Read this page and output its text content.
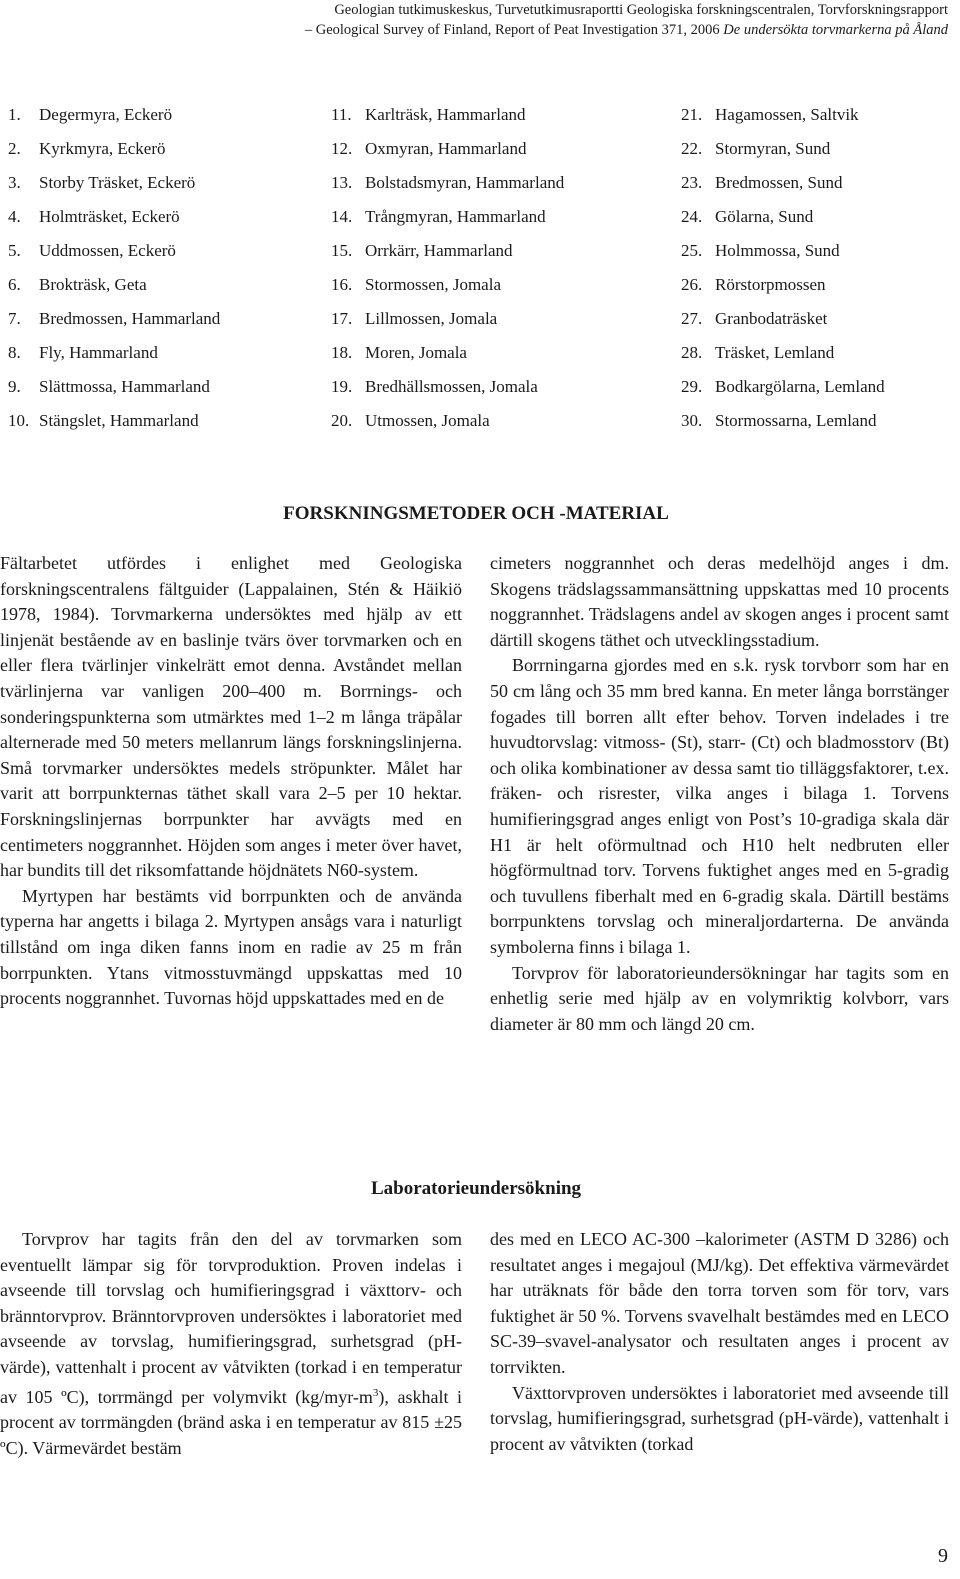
Geologian tutkimuskeskus, Turvetutkimusraportti Geologiska forskningscentralen, Torvforskningsrapport
– Geological Survey of Finland, Report of Peat Investigation 371, 2006 De undersökta torvmarkerna på Åland
1. Degermyra, Eckerö
2. Kyrkmyra, Eckerö
3. Storby Träsket, Eckerö
4. Holmträsket, Eckerö
5. Uddmossen, Eckerö
6. Brokträsk, Geta
7. Bredmossen, Hammarland
8. Fly, Hammarland
9. Slättmossa, Hammarland
10. Stängslet, Hammarland
11. Karlträsk, Hammarland
12. Oxmyran, Hammarland
13. Bolstadsmyran, Hammarland
14. Trångmyran, Hammarland
15. Orrkärr, Hammarland
16. Stormossen, Jomala
17. Lillmossen, Jomala
18. Moren, Jomala
19. Bredhällsmossen, Jomala
20. Utmossen, Jomala
21. Hagamossen, Saltvik
22. Stormyran, Sund
23. Bredmossen, Sund
24. Gölarna, Sund
25. Holmmossa, Sund
26. Rörstorpmossen
27. Granbodaträsket
28. Träsket, Lemland
29. Bodkargölarna, Lemland
30. Stormossarna, Lemland
FORSKNINGSMETODER OCH -MATERIAL

Fältarbetet utfördes i enlighet med Geologiska forskningscentralens fältguider (Lappalainen, Stén & Häikiö 1978, 1984). Torvmarkerna undersöktes med hjälp av ett linjenät bestående av en baslinje tvärs över torvmarken och en eller flera tvärlinjer vinkelrätt emot denna. Avståndet mellan tvärlinjerna var vanligen 200–400 m. Borrnings- och sonderingspunkterna som utmärktes med 1–2 m långa träpålar alternerade med 50 meters mellanrum längs forskningslinjerna. Små torvmarker undersöktes medels ströpunkter. Målet har varit att borrpunkternas täthet skall vara 2–5 per 10 hektar. Forskningslinjernas borrpunkter har avvägts med en centimeters noggrannhet. Höjden som anges i meter över havet, har bundits till det riksomfattande höjdnätets N60-system.

Myrtypen har bestämts vid borrpunkten och de använda typerna har angetts i bilaga 2. Myrtypen ansågs vara i naturligt tillstånd om inga diken fanns inom en radie av 25 m från borrpunkten. Ytans vitmosstuvmängd uppskattas med 10 procents noggrannhet. Tuvornas höjd uppskattades med en de

cimeters noggrannhet och deras medelhöjd anges i dm. Skogens trädslagssammansättning uppskattas med 10 procents noggrannhet. Trädslagens andel av skogen anges i procent samt därtill skogens täthet och utvecklingsstadium.

Borrningarna gjordes med en s.k. rysk torvborr som har en 50 cm lång och 35 mm bred kanna. En meter långa borrstänger fogades till borren allt efter behov. Torven indelades i tre huvudtorvslag: vitmoss- (St), starr- (Ct) och bladmosstorv (Bt) och olika kombinationer av dessa samt tio tilläggsfaktorer, t.ex. fräken- och risrester, vilka anges i bilaga 1. Torvens humifieringsgrad anges enligt von Post’s 10-gradiga skala där H1 är helt oförmultnad och H10 helt nedbruten eller högförmultnad torv. Torvens fuktighet anges med en 5-gradig och tuvullens fiberhalt med en 6-gradig skala. Därtill bestäms borrpunktens torvslag och mineraljordarterna. De använda symbolerna finns i bilaga 1.

Torvprov för laboratorieundersökningar har tagits som en enhetlig serie med hjälp av en volymriktig kolvborr, vars diameter är 80 mm och längd 20 cm.

Laboratorieundersökning

Torvprov har tagits från den del av torvmarken som eventuellt lämpar sig för torvproduktion. Proven indelas i avseende till torvslag och humifieringsgrad i växttorv- och bränntorvprov. Bränntorvproven undersöktes i laboratoriet med avseende av torvslag, humifieringsgrad, surhetsgrad (pH-värde), vattenhalt i procent av våtvikten (torkad i en temperatur av 105 ºC), torrmängd per volymvikt $(kg/myr-m^3)$, askhalt i procent av torrmängden (bränd aska i en temperatur av 815 ±25 ºC). Värmevärdet bestäm

des med en LECO AC-300 –kalorimeter (ASTM D 3286) och resultatet anges i megajoul (MJ/kg). Det effektiva värmevärdet har uträknats för både den torra torven som för torv, vars fuktighet är 50 %. Torvens svavelhalt bestämdes med en LECO SC-39–svavel-analysator och resultaten anges i procent av torrvikten.

Växttorvproven undersöktes i laboratoriet med avseende till torvslag, humifieringsgrad, surhetsgrad (pH-värde), vattenhalt i procent av våtvikten (torkad

9
